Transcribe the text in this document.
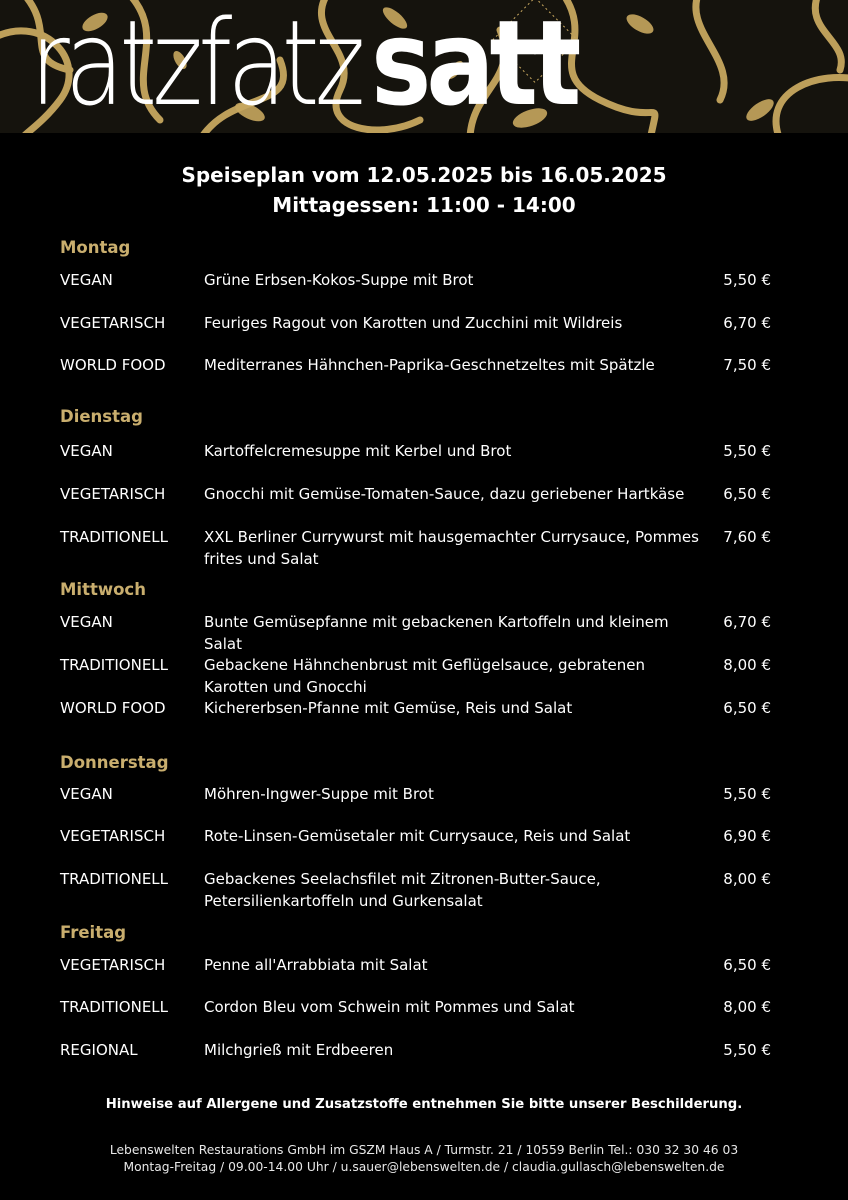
ratzfatz satt
Speiseplan vom 12.05.2025 bis 16.05.2025
Mittagessen: 11:00 - 14:00
Montag
VEGAN	Grüne Erbsen-Kokos-Suppe mit Brot	5,50 €
VEGETARISCH	Feuriges Ragout von Karotten und Zucchini mit Wildreis	6,70 €
WORLD FOOD	Mediterranes Hähnchen-Paprika-Geschnetzeltes mit Spätzle	7,50 €
Dienstag
VEGAN	Kartoffelcremesuppe mit Kerbel und Brot	5,50 €
VEGETARISCH	Gnocchi mit Gemüse-Tomaten-Sauce, dazu geriebener Hartkäse	6,50 €
TRADITIONELL	XXL Berliner Currywurst mit hausgemachter Currysauce, Pommes frites und Salat
7,60 €
Mittwoch
VEGAN	Bunte Gemüsepfanne mit gebackenen Kartoffeln und kleinem Salat
6,70 €
TRADITIONELL	Gebackene Hähnchenbrust mit Geflügelsauce, gebratenen Karotten und Gnocchi
8,00 €
WORLD FOOD	Kichererbsen-Pfanne mit Gemüse, Reis und Salat	6,50 €
Donnerstag
VEGAN	Möhren-Ingwer-Suppe mit Brot	5,50 €
VEGETARISCH	Rote-Linsen-Gemüsetaler mit Currysauce, Reis und Salat	6,90 €
TRADITIONELL	Gebackenes Seelachsfilet mit Zitronen-Butter-Sauce, Petersilienkartoffeln und Gurkensalat
8,00 €
Freitag
VEGETARISCH	Penne all'Arrabbiata mit Salat	6,50 €
TRADITIONELL	Cordon Bleu vom Schwein mit Pommes und Salat	8,00 €
REGIONAL	Milchgrieß mit Erdbeeren	5,50 €
Hinweise auf Allergene und Zusatzstoffe entnehmen Sie bitte unserer Beschilderung.
Lebenswelten Restaurations GmbH im GSZM Haus A / Turmstr. 21 / 10559 Berlin Tel.: 030 32 30 46 03
Montag-Freitag / 09.00-14.00 Uhr / u.sauer@lebenswelten.de / claudia.gullasch@lebenswelten.de
